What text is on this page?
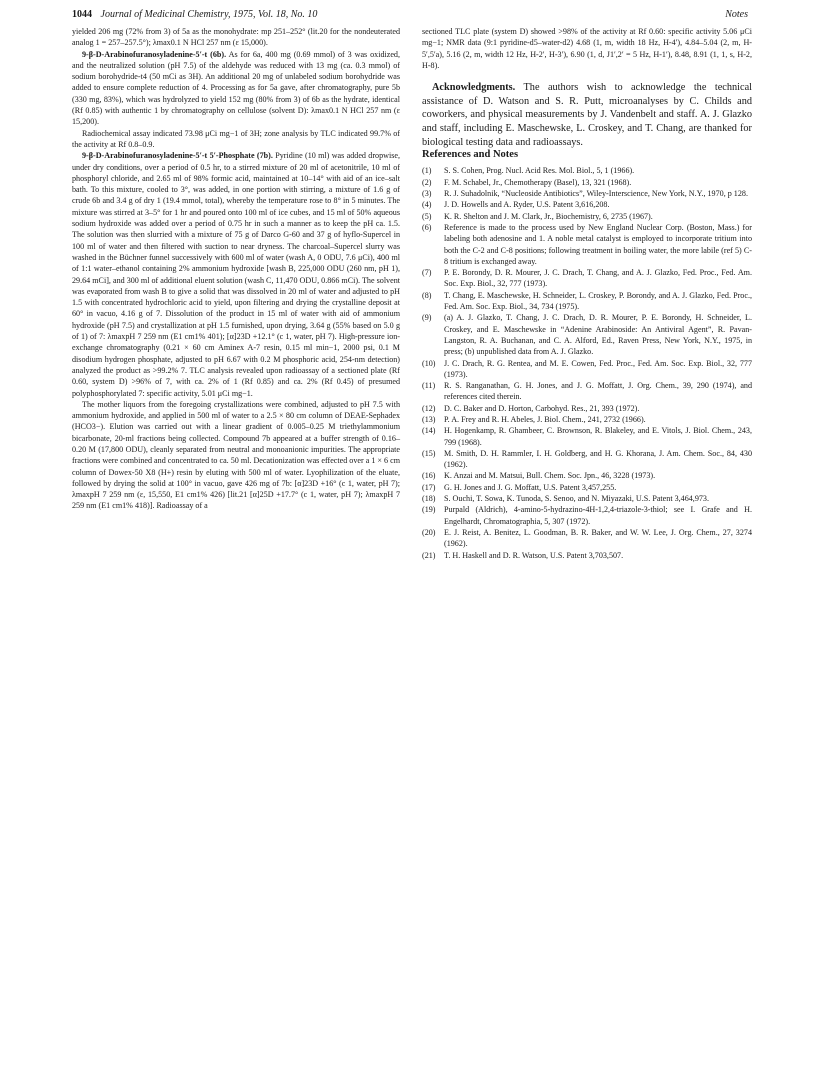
1044 Journal of Medicinal Chemistry, 1975, Vol. 18, No. 10	Notes

yielded 206 mg (72% from 3) of 5a as the monohydrate: mp 251–252° (lit.20 for the nondeuterated analog 1 = 257–257.5°); λmax0.1 N HCl 257 nm (ε 15,000).

9-β-D-Arabinofuranosyladenine-5′-t (6b). As for 6a, 400 mg (0.69 mmol) of 3 was oxidized, and the neutralized solution (pH 7.5) of the aldehyde was reduced with 13 mg (ca. 0.3 mmol) of sodium borohydride-t4 (50 mCi as 3H). An additional 20 mg of unlabeled sodium borohydride was added to ensure complete reduction of 4. Processing as for 5a gave, after chromatography, pure 5b (330 mg, 83%), which was hydrolyzed to yield 152 mg (80% from 3) of 6b as the hydrate, identical (Rf 0.85) with authentic 1 by chromatography on cellulose (solvent D): λmax0.1 N HCl 257 nm (ε 15,200).

Radiochemical assay indicated 73.98 μCi mg−1 of 3H; zone analysis by TLC indicated 99.7% of the activity at Rf 0.8–0.9.

9-β-D-Arabinofuranosyladenine-5′-t 5′-Phosphate (7b). Pyridine (10 ml) was added dropwise, under dry conditions, over a period of 0.5 hr, to a stirred mixture of 20 ml of acetonitrile, 10 ml of phosphoryl chloride, and 2.65 ml of 98% formic acid, maintained at 10–14° with aid of an ice–salt bath. To this mixture, cooled to 3°, was added, in one portion with stirring, a mixture of 1.6 g of crude 6b and 3.4 g of dry 1 (19.4 mmol, total), whereby the temperature rose to 8° in 5 minutes. The mixture was stirred at 3–5° for 1 hr and poured onto 100 ml of ice cubes, and 15 ml of 50% aqueous sodium hydroxide was added over a period of 0.75 hr in such a manner as to keep the pH ca. 1.5. The solution was then slurried with a mixture of 75 g of Darco G-60 and 37 g of hyflo-Supercel in 100 ml of water and then filtered with suction to near dryness. The charcoal–Supercel slurry was washed in the Büchner funnel successively with 600 ml of water (wash A, 0 ODU, 7.6 μCi), 400 ml of 1:1 water–ethanol containing 2% ammonium hydroxide [wash B, 225,000 ODU (260 nm, pH 1), 29.64 mCi], and 300 ml of additional eluent solution (wash C, 11,470 ODU, 0.866 mCi). The solvent was evaporated from wash B to give a solid that was dissolved in 20 ml of water and adjusted to pH 1.5 with concentrated hydrochloric acid to yield, upon filtering and drying the crystalline deposit at 60° in vacuo, 4.16 g of 7. Dissolution of the product in 15 ml of water with aid of ammonium hydroxide (pH 7.5) and crystallization at pH 1.5 furnished, upon drying, 3.64 g (55% based on 5.0 g of 1) of 7: λmaxpH 7 259 nm (E1 cm1% 401); [α]23D +12.1° (c 1, water, pH 7). High-pressure ion-exchange chromatography (0.21 × 60 cm Aminex A-7 resin, 0.15 ml min−1, 2000 psi, 0.1 M disodium hydrogen phosphate, adjusted to pH 6.67 with 0.2 M phosphoric acid, 254-nm detection) analyzed the product as >99.2% 7. TLC analysis revealed upon radioassay of a sectioned plate (Rf 0.60, system D) >96% of 7, with ca. 2% of 1 (Rf 0.85) and ca. 2% (Rf 0.45) of presumed polyphosphorylated 7: specific activity, 5.01 μCi mg−1.

The mother liquors from the foregoing crystallizations were combined, adjusted to pH 7.5 with ammonium hydroxide, and applied in 500 ml of water to a 2.5 × 80 cm column of DEAE-Sephadex (HCO3−). Elution was carried out with a linear gradient of 0.005–0.25 M triethylammonium bicarbonate, 20-ml fractions being collected. Compound 7b appeared at a buffer strength of 0.16–0.20 M (17,800 ODU), cleanly separated from neutral and monoanionic impurities. The appropriate fractions were combined and concentrated to ca. 50 ml. Decationization was effected over a 1 × 6 cm column of Dowex-50 X8 (H+) resin by eluting with 500 ml of water. Lyophilization of the eluate, followed by drying the solid at 100° in vacuo, gave 426 mg of 7b: [α]23D +16° (c 1, water, pH 7); λmaxpH 7 259 nm (ε, 15,550, E1 cm1% 426) [lit.21 [α]25D +17.7° (c 1, water, pH 7); λmaxpH 7 259 nm (E1 cm1% 418)]. Radioassay of a

sectioned TLC plate (system D) showed >98% of the activity at Rf 0.60: specific activity 5.06 μCi mg−1; NMR data (9:1 pyridine-d5–water-d2) 4.68 (1, m, width 18 Hz, H-4′), 4.84–5.04 (2, m, H-5′,5′a), 5.16 (2, m, width 12 Hz, H-2′, H-3′), 6.90 (1, d, J1′,2′ = 5 Hz, H-1′), 8.48, 8.91 (1, 1, s, H-2, H-8).

Acknowledgments. The authors wish to acknowledge the technical assistance of D. Watson and S. R. Putt, microanalyses by C. Childs and coworkers, and physical measurements by J. Vandenbelt and staff. A. J. Glazko and staff, including E. Maschewske, L. Croskey, and T. Chang, are thanked for biological testing data and radioassays.

References and Notes
(1)	S. S. Cohen, Prog. Nucl. Acid Res. Mol. Biol., 5, 1 (1966).
(2)	F. M. Schabel, Jr., Chemotherapy (Basel), 13, 321 (1968).
(3)	R. J. Suhadolnik, “Nucleoside Antibiotics”, Wiley-Interscience, New York, N.Y., 1970, p 128.
(4)	J. D. Howells and A. Ryder, U.S. Patent 3,616,208.
(5)	K. R. Shelton and J. M. Clark, Jr., Biochemistry, 6, 2735 (1967).
(6)	Reference is made to the process used by New England Nuclear Corp. (Boston, Mass.) for labeling both adenosine and 1. A noble metal catalyst is employed to incorporate tritium into both the C-2 and C-8 positions; following treatment in boiling water, the more labile (ref 5) C-8 tritium is exchanged away.
(7)	P. E. Borondy, D. R. Mourer, J. C. Drach, T. Chang, and A. J. Glazko, Fed. Proc., Fed. Am. Soc. Exp. Biol., 32, 777 (1973).
(8)	T. Chang, E. Maschewske, H. Schneider, L. Croskey, P. Borondy, and A. J. Glazko, Fed. Proc., Fed. Am. Soc. Exp. Biol., 34, 734 (1975).
(9)	(a) A. J. Glazko, T. Chang, J. C. Drach, D. R. Mourer, P. E. Borondy, H. Schneider, L. Croskey, and E. Maschewske in “Adenine Arabinoside: An Antiviral Agent”, R. Pavan-Langston, R. A. Buchanan, and C. A. Alford, Ed., Raven Press, New York, N.Y., 1975, in press; (b) unpublished data from A. J. Glazko.
(10)	J. C. Drach, R. G. Rentea, and M. E. Cowen, Fed. Proc., Fed. Am. Soc. Exp. Biol., 32, 777 (1973).
(11)	R. S. Ranganathan, G. H. Jones, and J. G. Moffatt, J. Org. Chem., 39, 290 (1974), and references cited therein.
(12)	D. C. Baker and D. Horton, Carbohyd. Res., 21, 393 (1972).
(13)	P. A. Frey and R. H. Abeles, J. Biol. Chem., 241, 2732 (1966).
(14)	H. Hogenkamp, R. Ghambeer, C. Brownson, R. Blakeley, and E. Vitols, J. Biol. Chem., 243, 799 (1968).
(15)	M. Smith, D. H. Rammler, I. H. Goldberg, and H. G. Khorana, J. Am. Chem. Soc., 84, 430 (1962).
(16)	K. Anzai and M. Matsui, Bull. Chem. Soc. Jpn., 46, 3228 (1973).
(17)	G. H. Jones and J. G. Moffatt, U.S. Patent 3,457,255.
(18)	S. Ouchi, T. Sowa, K. Tunoda, S. Senoo, and N. Miyazaki, U.S. Patent 3,464,973.
(19)	Purpald (Aldrich), 4-amino-5-hydrazino-4H-1,2,4-triazole-3-thiol; see I. Grafe and H. Engelhardt, Chromatographia, 5, 307 (1972).
(20)	E. J. Reist, A. Benitez, L. Goodman, B. R. Baker, and W. W. Lee, J. Org. Chem., 27, 3274 (1962).
(21)	T. H. Haskell and D. R. Watson, U.S. Patent 3,703,507.
